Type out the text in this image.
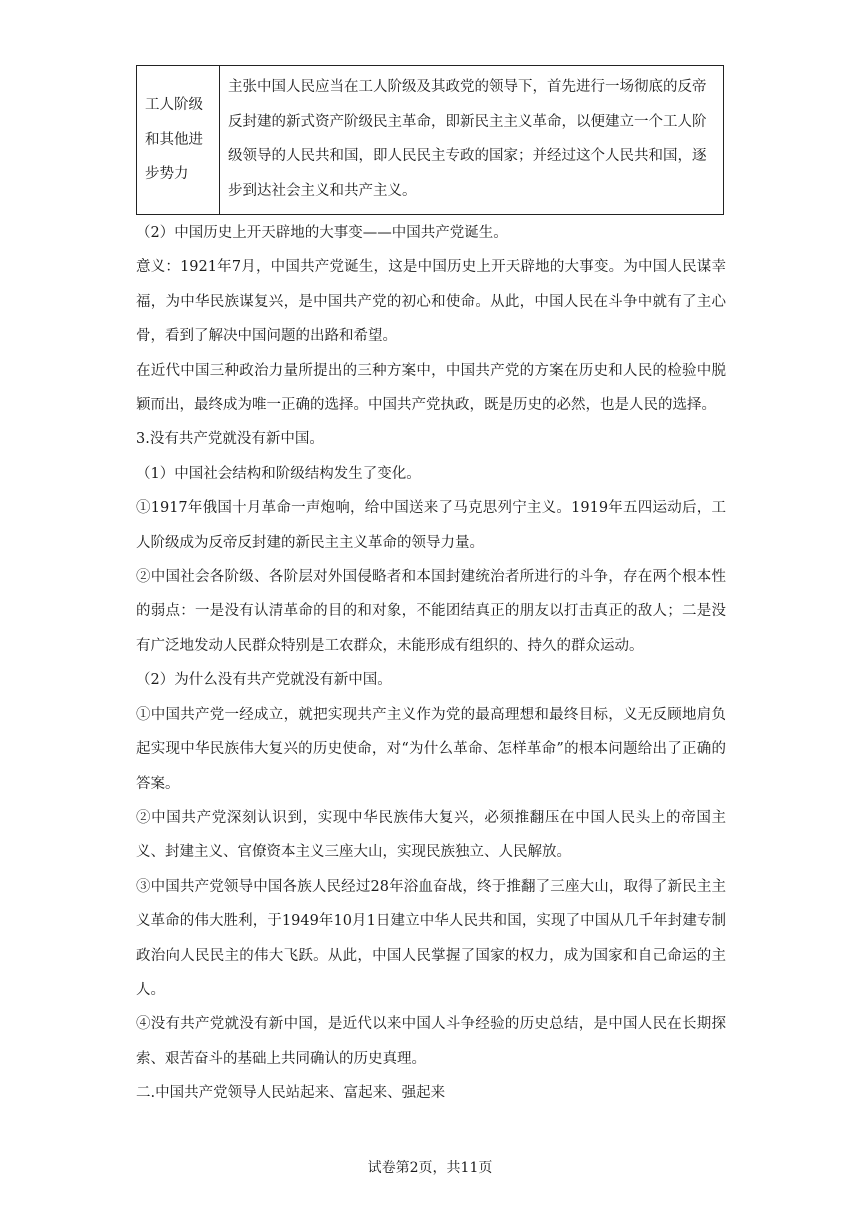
工人阶级和其他进步势力	主张中国人民应当在工人阶级及其政党的领导下，首先进行一场彻底的反帝反封建的新式资产阶级民主革命，即新民主主义革命，以便建立一个工人阶级领导的人民共和国，即人民民主专政的国家；并经过这个人民共和国，逐步到达社会主义和共产主义。

（2）中国历史上开天辟地的大事变——中国共产党诞生。

意义：1921年7月，中国共产党诞生，这是中国历史上开天辟地的大事变。为中国人民谋幸福，为中华民族谋复兴，是中国共产党的初心和使命。从此，中国人民在斗争中就有了主心骨，看到了解决中国问题的出路和希望。

在近代中国三种政治力量所提出的三种方案中，中国共产党的方案在历史和人民的检验中脱颖而出，最终成为唯一正确的选择。中国共产党执政，既是历史的必然，也是人民的选择。

3.没有共产党就没有新中国。

（1）中国社会结构和阶级结构发生了变化。

①1917年俄国十月革命一声炮响，给中国送来了马克思列宁主义。1919年五四运动后，工人阶级成为反帝反封建的新民主主义革命的领导力量。

②中国社会各阶级、各阶层对外国侵略者和本国封建统治者所进行的斗争，存在两个根本性的弱点：一是没有认清革命的目的和对象，不能团结真正的朋友以打击真正的敌人；二是没有广泛地发动人民群众特别是工农群众，未能形成有组织的、持久的群众运动。

（2）为什么没有共产党就没有新中国。

①中国共产党一经成立，就把实现共产主义作为党的最高理想和最终目标，义无反顾地肩负起实现中华民族伟大复兴的历史使命，对“为什么革命、怎样革命”的根本问题给出了正确的答案。

②中国共产党深刻认识到，实现中华民族伟大复兴，必须推翻压在中国人民头上的帝国主义、封建主义、官僚资本主义三座大山，实现民族独立、人民解放。

③中国共产党领导中国各族人民经过28年浴血奋战，终于推翻了三座大山，取得了新民主主义革命的伟大胜利，于1949年10月1日建立中华人民共和国，实现了中国从几千年封建专制政治向人民民主的伟大飞跃。从此，中国人民掌握了国家的权力，成为国家和自己命运的主人。

④没有共产党就没有新中国，是近代以来中国人斗争经验的历史总结，是中国人民在长期探索、艰苦奋斗的基础上共同确认的历史真理。

二.中国共产党领导人民站起来、富起来、强起来

试卷第2页，共11页
